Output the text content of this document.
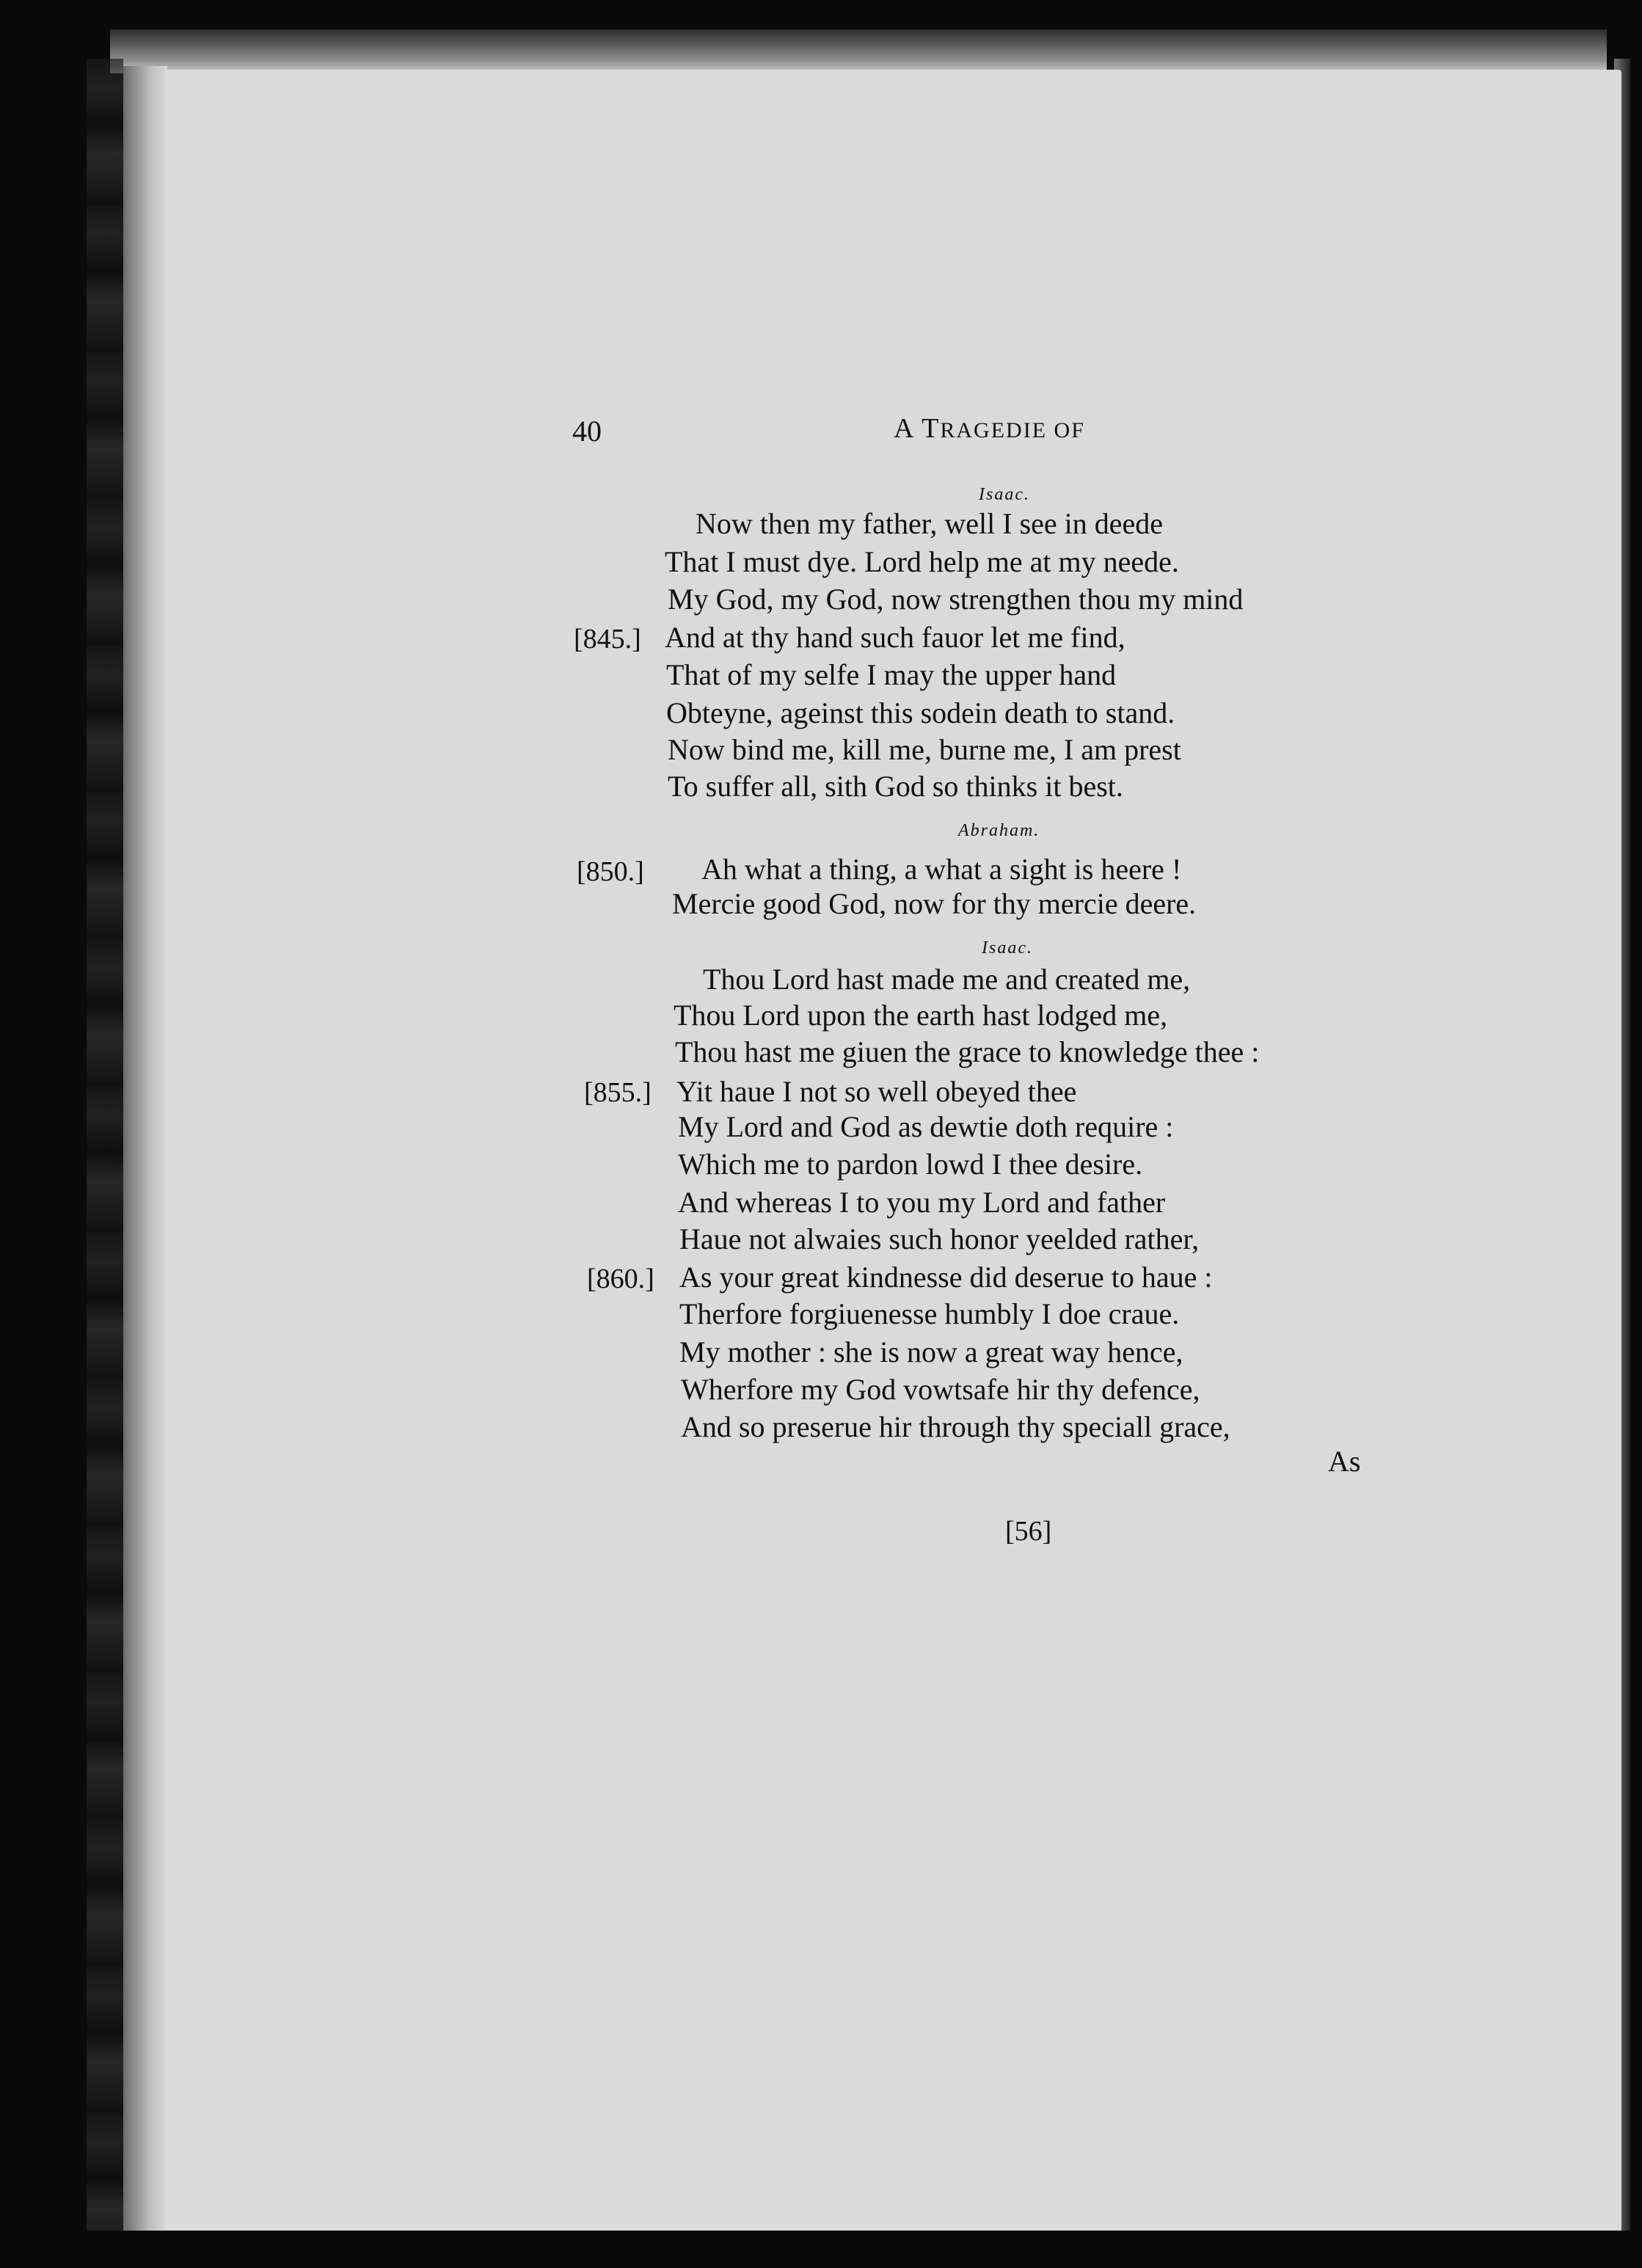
40	A TRAGEDIE OF
Isaac.
Now then my father, well I see in deede
That I must dye. Lord help me at my neede.
My God, my God, now strengthen thou my mind
[845.] And at thy hand such fauor let me find,
That of my selfe I may the upper hand
Obteyne, ageinst this sodein death to stand.
Now bind me, kill me, burne me, I am prest
To suffer all, sith God so thinks it best.
Abraham.
[850.] Ah what a thing, a what a sight is heere !
Mercie good God, now for thy mercie deere.
Isaac.
Thou Lord hast made me and created me,
Thou Lord upon the earth hast lodged me,
Thou hast me giuen the grace to knowledge thee :
[855.] Yit haue I not so well obeyed thee
My Lord and God as dewtie doth require :
Which me to pardon lowd I thee desire.
And whereas I to you my Lord and father
Haue not alwaies such honor yeelded rather,
[860.] As your great kindnesse did deserue to haue :
Therfore forgiuenesse humbly I doe craue.
My mother : she is now a great way hence,
Wherfore my God vowtsafe hir thy defence,
And so preserue hir through thy speciall grace,
As
[56]
